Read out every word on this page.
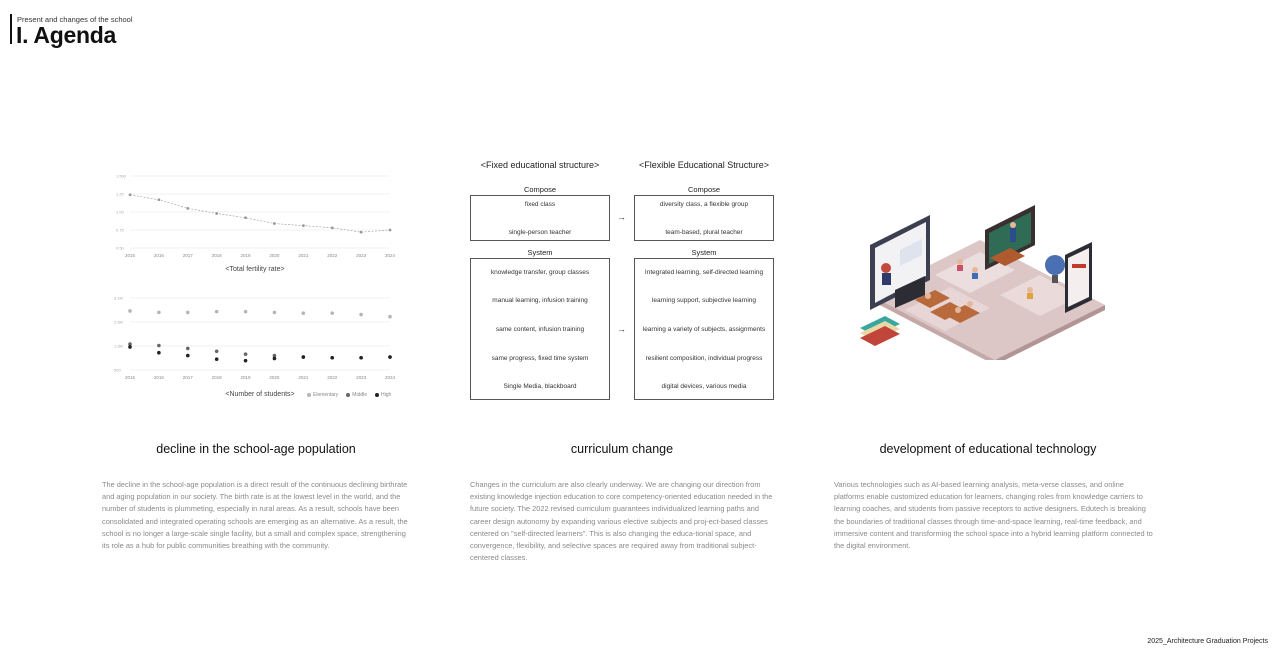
Present and changes of the school
I. Agenda
1.500
1.25
1.00
0.75
0.50
2015	2016	2017	2018	2019	2020	2021	2022	2023	2024
<Total fertility rate>
3.1M
2.6M
1.3M
500
2015	2016	2017	2018	2019	2020	2021	2022	2023	2024
<Number of students>	Elementary	Middle	High
<Fixed educational structure>	<Flexible Educational Structure>
Compose	Compose
fixed class
single-person teacher
diversity class, a flexible group
team-based, plural teacher
→
System	System
knowledge transfer, group classes
manual learning, infusion training
same content, infusion training
same progress, fixed time system
Single Media, blackboard
Integrated learning, self-directed learning
learning support, subjective learning
learning a variety of subjects, assignments
resilient composition, individual progress
digital devices, various media
→
decline in the school-age population	curriculum change	development of educational technology
The decline in the school-age population is a direct result of the continuous declining birthrate and aging population in our society. The birth rate is at the lowest level in the world, and the number of students is plummeting, especially in rural areas. As a result, schools have been consolidated and integrated operating schools are emerging as an alternative. As a result, the school is no longer a large-scale single facility, but a small and complex space, strengthening its role as a hub for public communities breathing with the community.
Changes in the curriculum are also clearly underway. We are changing our direction from existing knowledge injection education to core competency-oriented education needed in the future society. The 2022 revised curriculum guarantees individualized learning paths and career design autonomy by expanding various elective subjects and proj-ect-based classes centered on "self-directed learners". This is also changing the educa-tional space, and convergence, flexibility, and selective spaces are required away from traditional subject-centered classes.
Various technologies such as AI-based learning analysis, meta-verse classes, and online platforms enable customized education for learners, changing roles from knowledge carriers to learning coaches, and students from passive receptors to active designers. Edutech is breaking the boundaries of traditional classes through time-and-space learning, real-time feedback, and immersive content and transforming the school space into a hybrid learning platform connected to the digital environment.
2025_Architecture Graduation Projects
